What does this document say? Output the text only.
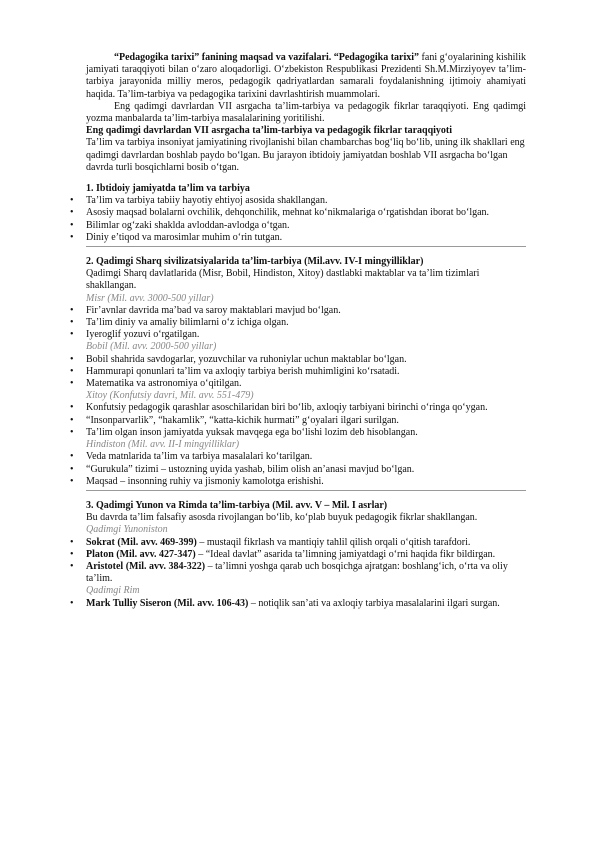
“Pedagogika tarixi” fanining maqsad va vazifalari. “Pedagogika tarixi” fani g‘oyalarining kishilik jamiyati taraqqiyoti bilan o‘zaro aloqadorligi. O‘zbekiston Respublikasi Prezidenti Sh.M.Mirziyoyev ta’lim-tarbiya jarayonida milliy meros, pedagogik qadriyatlardan samarali foydalanishning ijtimoiy ahamiyati haqida. Ta’lim-tarbiya va pedagogika tarixini davrlashtirish muammolari.

Eng qadimgi davrlardan VII asrgacha ta’lim-tarbiya va pedagogik fikrlar taraqqiyoti. Eng qadimgi yozma manbalarda ta’lim-tarbiya masalalarining yoritilishi.

Eng qadimgi davrlardan VII asrgacha ta’lim-tarbiya va pedagogik fikrlar taraqqiyoti

Ta’lim va tarbiya insoniyat jamiyatining rivojlanishi bilan chambarchas bog‘liq bo‘lib, uning ilk shakllari eng qadimgi davrlardan boshlab paydo bo‘lgan. Bu jarayon ibtidoiy jamiyatdan boshlab VII asrgacha bo‘lgan davrda turli bosqichlarni bosib o‘tgan.

1. Ibtidoiy jamiyatda ta’lim va tarbiya

• Ta’lim va tarbiya tabiiy hayotiy ehtiyoj asosida shakllangan.
• Asosiy maqsad bolalarni ovchilik, dehqonchilik, mehnat ko‘nikmalariga o‘rgatishdan iborat bo‘lgan.
• Bilimlar og‘zaki shaklda avloddan-avlodga o‘tgan.
• Diniy e’tiqod va marosimlar muhim o‘rin tutgan.

2. Qadimgi Sharq sivilizatsiyalarida ta’lim-tarbiya (Mil.avv. IV-I mingyilliklar)

Qadimgi Sharq davlatlarida (Misr, Bobil, Hindiston, Xitoy) dastlabki maktablar va ta’lim tizimlari shakllangan.

Misr (Mil. avv. 3000-500 yillar)

• Fir’avnlar davrida ma’bad va saroy maktablari mavjud bo‘lgan.
• Ta’lim diniy va amaliy bilimlarni o‘z ichiga olgan.
• Iyeroglif yozuvi o‘rgatilgan.

Bobil (Mil. avv. 2000-500 yillar)

• Bobil shahrida savdogarlar, yozuvchilar va ruhoniylar uchun maktablar bo‘lgan.
• Hammurapi qonunlari ta’lim va axloqiy tarbiya berish muhimligini ko‘rsatadi.
• Matematika va astronomiya o‘qitilgan.

Xitoy (Konfutsiy davri, Mil. avv. 551-479)

• Konfutsiy pedagogik qarashlar asoschilaridan biri bo‘lib, axloqiy tarbiyani birinchi o‘ringa qo‘ygan.
• “Insonparvarlik”, “hakamlik”, “katta-kichik hurmati” g‘oyalari ilgari surilgan.
• Ta’lim olgan inson jamiyatda yuksak mavqega ega bo‘lishi lozim deb hisoblangan.

Hindiston (Mil. avv. II-I mingyilliklar)

• Veda matnlarida ta’lim va tarbiya masalalari ko‘tarilgan.
• “Gurukula” tizimi – ustozning uyida yashab, bilim olish an’anasi mavjud bo‘lgan.
• Maqsad – insonning ruhiy va jismoniy kamolotga erishishi.

3. Qadimgi Yunon va Rimda ta’lim-tarbiya (Mil. avv. V – Mil. I asrlar)

Bu davrda ta’lim falsafiy asosda rivojlangan bo‘lib, ko‘plab buyuk pedagogik fikrlar shakllangan.

Qadimgi Yunoniston

• Sokrat (Mil. avv. 469-399) – mustaqil fikrlash va mantiqiy tahlil qilish orqali o‘qitish tarafdori.
• Platon (Mil. avv. 427-347) – “Ideal davlat” asarida ta’limning jamiyatdagi o‘rni haqida fikr bildirgan.
• Aristotel (Mil. avv. 384-322) – ta’limni yoshga qarab uch bosqichga ajratgan: boshlang‘ich, o‘rta va oliy ta’lim.

Qadimgi Rim

• Mark Tulliy Siseron (Mil. avv. 106-43) – notiqlik san’ati va axloqiy tarbiya masalalarini ilgari surgan.
